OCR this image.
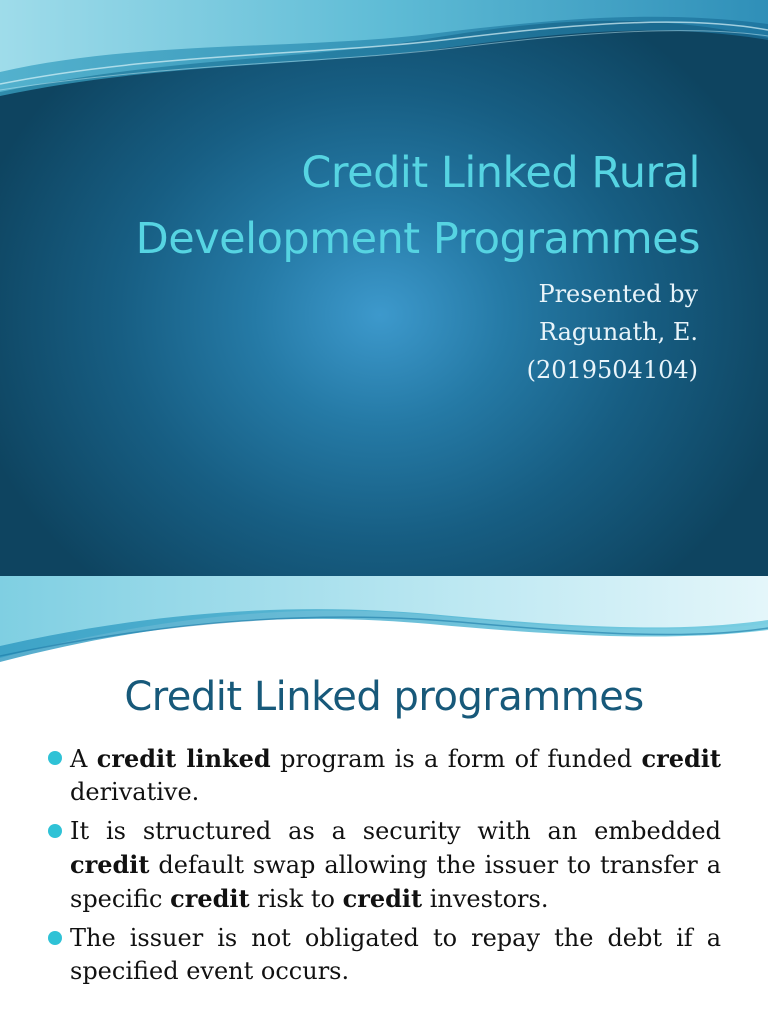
Credit Linked Rural
Development Programmes
Presented by
Ragunath, E.
(2019504104)
Credit Linked programmes
A credit linked program is a form of funded credit derivative.
It is structured as a security with an embedded credit default swap allowing the issuer to transfer a specific credit risk to credit investors.
The issuer is not obligated to repay the debt if a specified event occurs.
